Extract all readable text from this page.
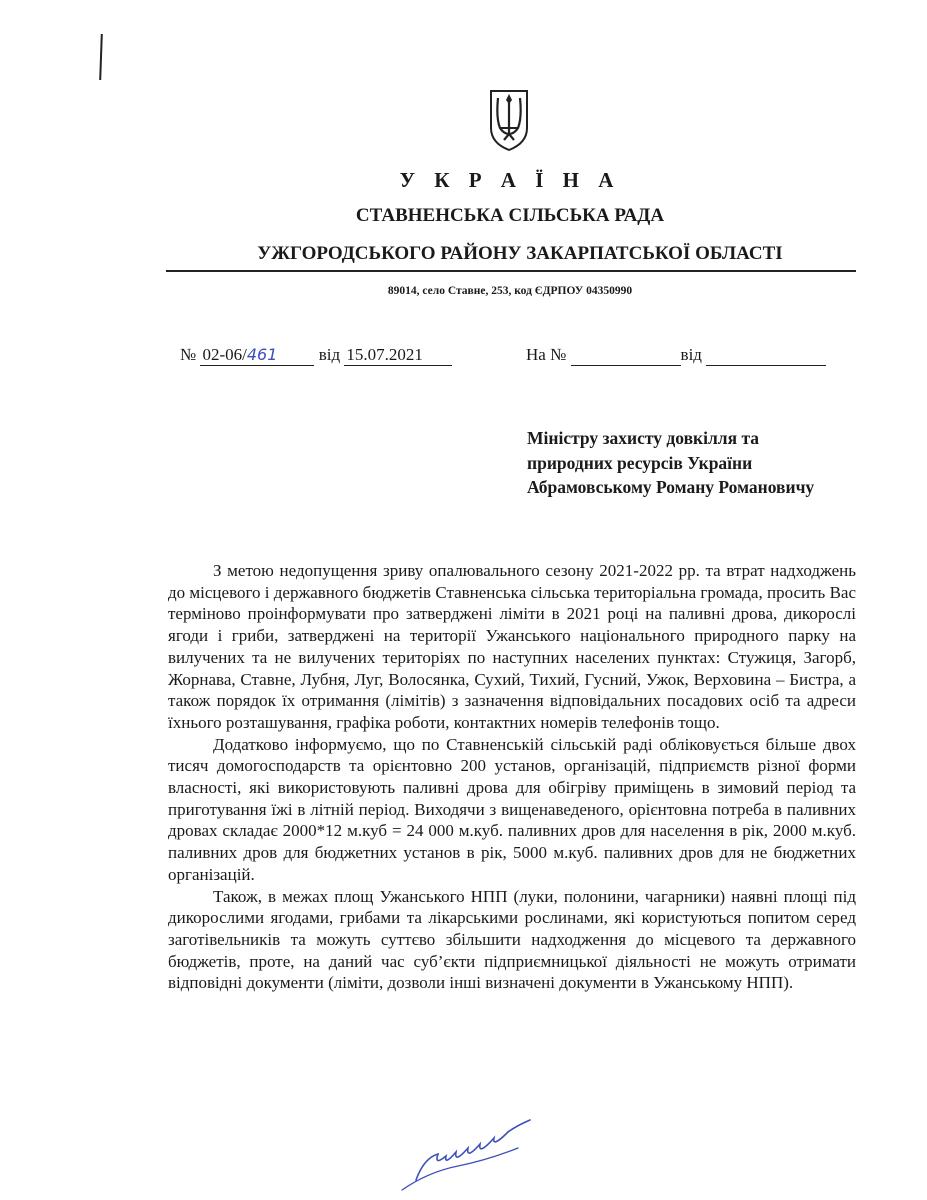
У К Р А Ї Н А
СТАВНЕНСЬКА СІЛЬСЬКА РАДА
УЖГОРОДСЬКОГО РАЙОНУ ЗАКАРПАТСЬКОЇ ОБЛАСТІ
89014, село Ставне, 253, код ЄДРПОУ 04350990
№ 02-06/461 від 15.07.2021	На №	від
Міністру захисту довкілля та
природних ресурсів України
Абрамовському Роману Романовичу

З метою недопущення зриву опалювального сезону 2021-2022 рр. та втрат надходжень до місцевого і державного бюджетів Ставненська сільська територіальна громада, просить Вас терміново проінформувати про затверджені ліміти в 2021 році на паливні дрова, дикорослі ягоди і гриби, затверджені на території Ужанського національного природного парку на вилучених та не вилучених територіях по наступних населених пунктах: Стужиця, Загорб, Жорнава, Ставне, Лубня, Луг, Волосянка, Сухий, Тихий, Гусний, Ужок, Верховина – Бистра, а також порядок їх отримання (лімітів) з зазначення відповідальних посадових осіб та адреси їхнього розташування, графіка роботи, контактних номерів телефонів тощо.

Додатково інформуємо, що по Ставненській сільській раді обліковується більше двох тисяч домогосподарств та орієнтовно 200 установ, організацій, підприємств різної форми власності, які використовують паливні дрова для обігріву приміщень в зимовий період та приготування їжі в літній період. Виходячи з вищенаведеного, орієнтовна потреба в паливних дровах складає 2000*12 м.куб = 24 000 м.куб. паливних дров для населення в рік, 2000 м.куб. паливних дров для бюджетних установ в рік, 5000 м.куб. паливних дров для не бюджетних організацій.

Також, в межах площ Ужанського НПП (луки, полонини, чагарники) наявні площі під дикорослими ягодами, грибами та лікарськими рослинами, які користуються попитом серед заготівельників та можуть суттєво збільшити надходження до місцевого та державного бюджетів, проте, на даний час суб’єкти підприємницької діяльності не можуть отримати відповідні документи (ліміти, дозволи інші визначені документи в Ужанському НПП).
